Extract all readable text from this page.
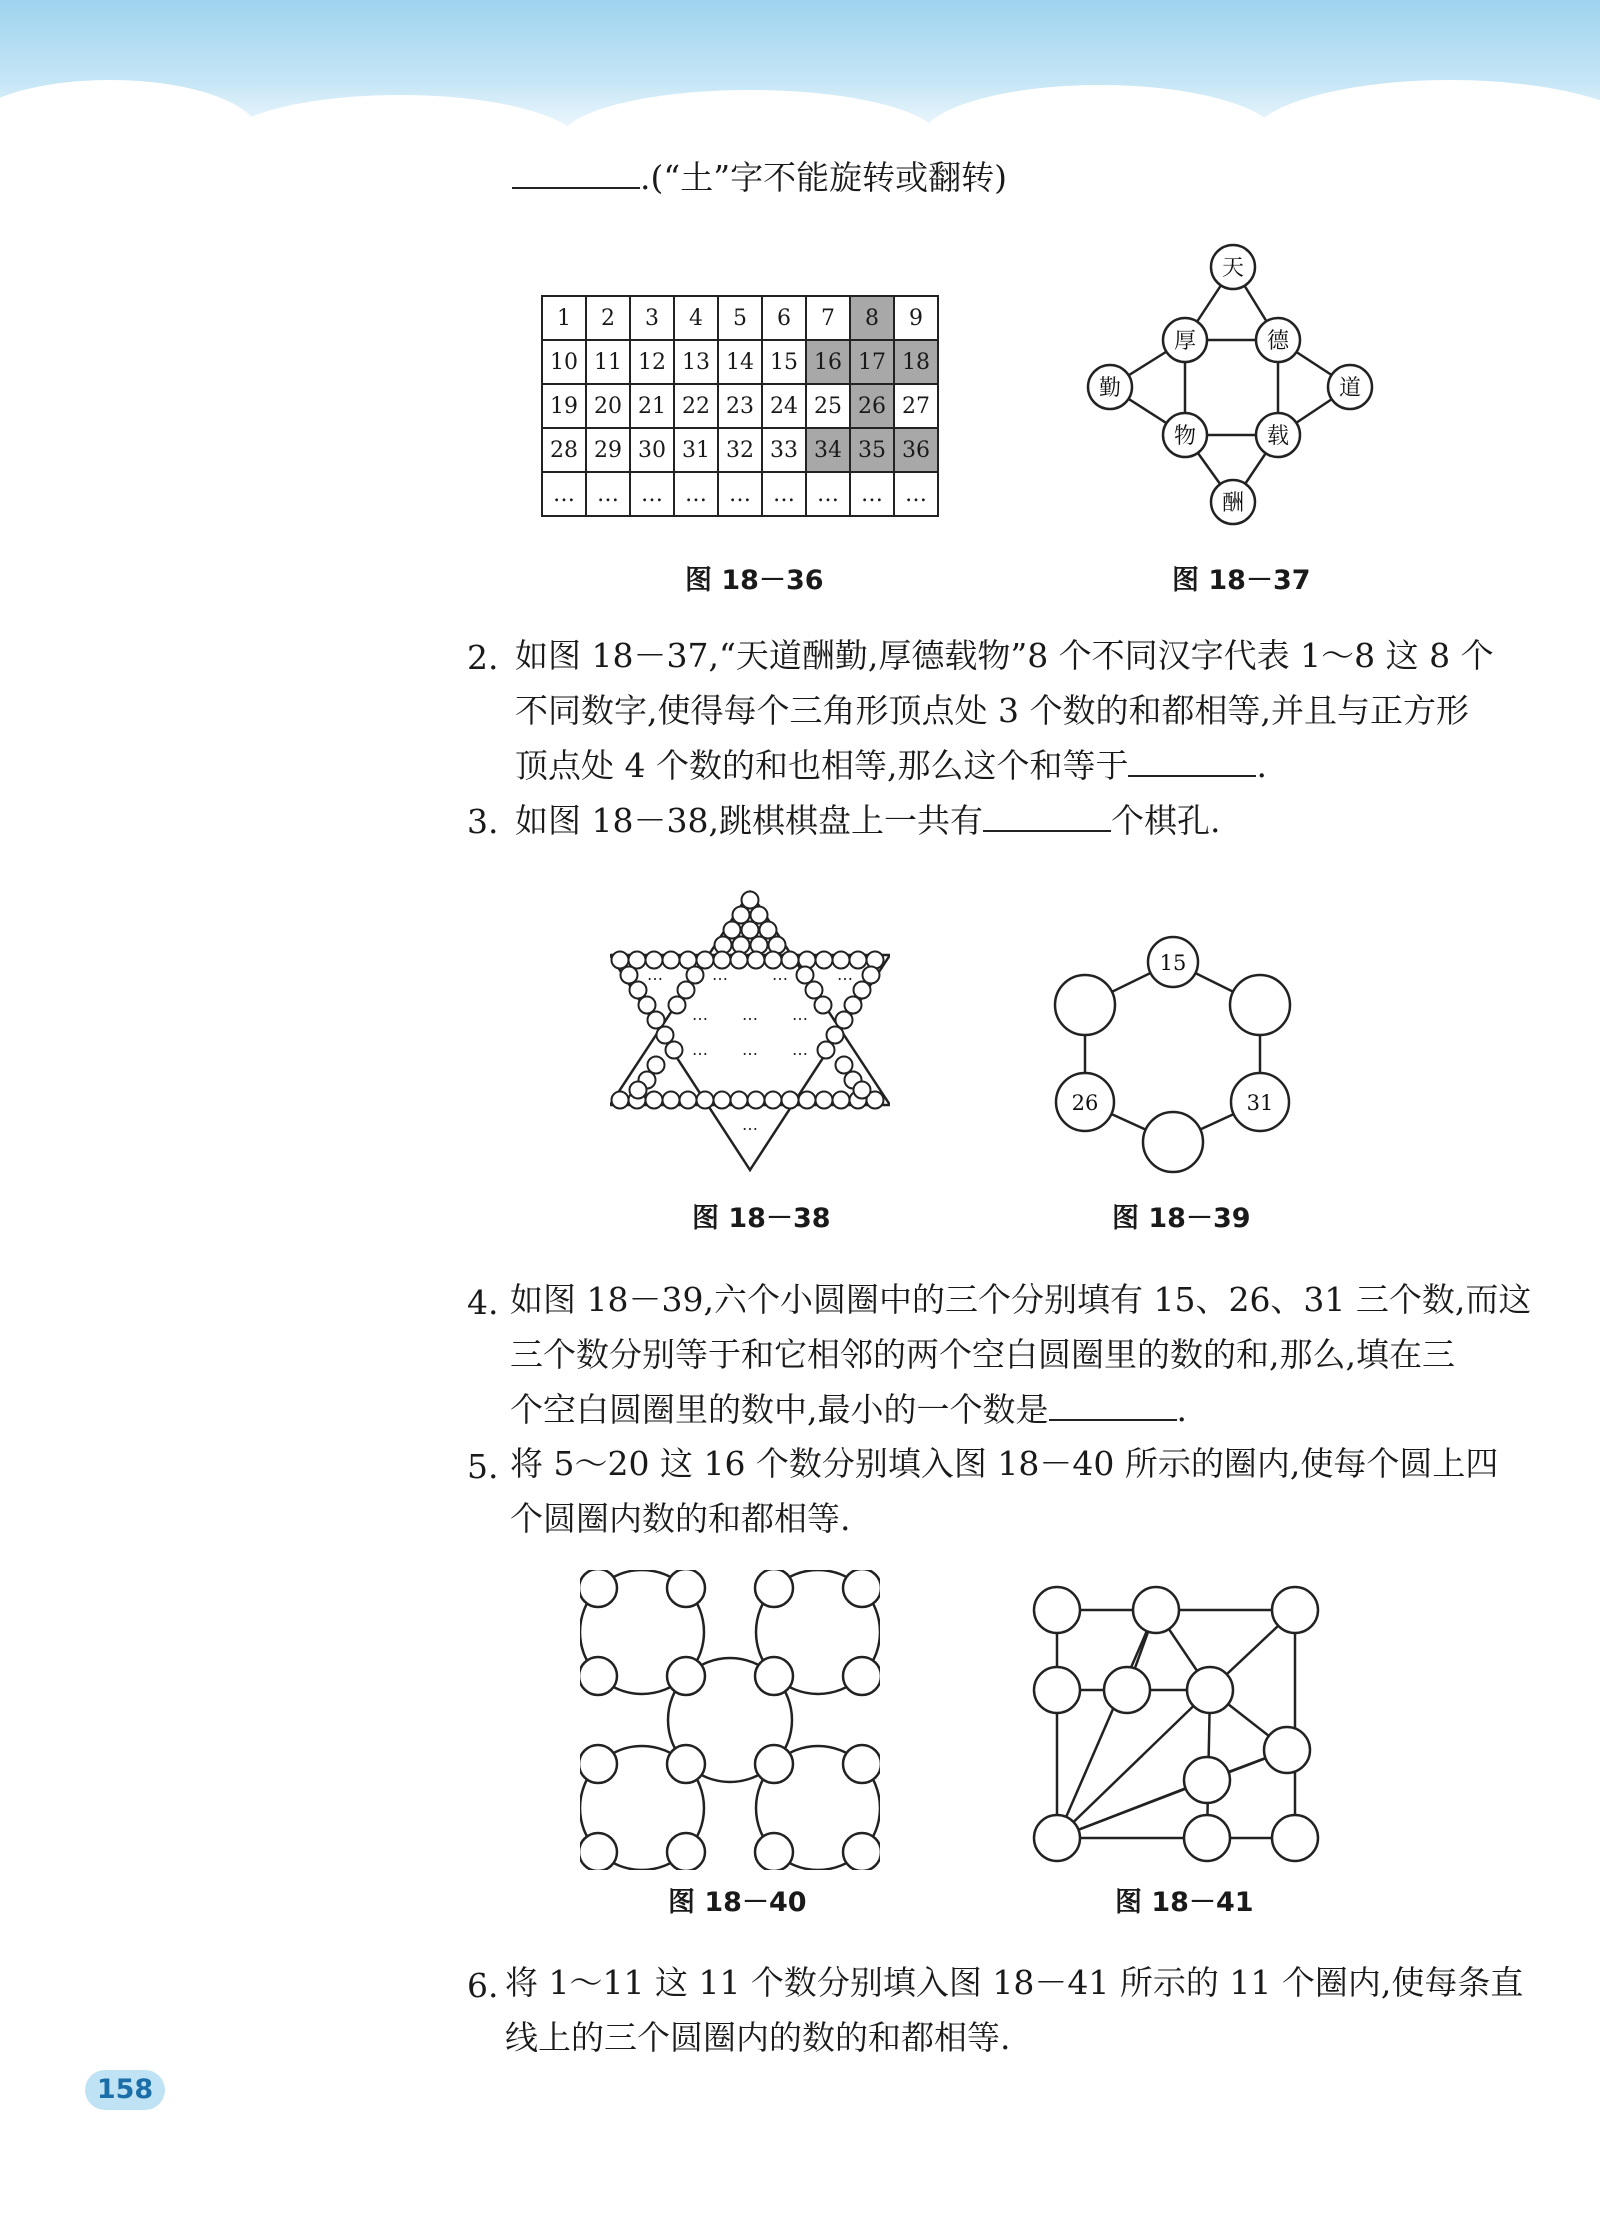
.(“土”字不能旋转或翻转)
1	2	3	4	5	6	7	8	9
10	11	12	13	14	15	16	17	18
19	20	21	22	23	24	25	26	27
28	29	30	31	32	33	34	35	36
…	…	…	…	…	…	…	…	…
图 18－36
天
厚	德
勤	道
物	载
酬
图 18－37
2. 如图 18－37,“天道酬勤,厚德载物”8 个不同汉字代表 1～8 这 8 个
不同数字,使得每个三角形顶点处 3 个数的和都相等,并且与正方形
顶点处 4 个数的和也相等,那么这个和等于	.
3. 如图 18－38,跳棋棋盘上一共有	个棋孔.
…	…	…	…
… … …
… … …
…
图 18－38
15
31
26
图 18－39
4. 如图 18－39,六个小圆圈中的三个分别填有 15、26、31 三个数,而这
三个数分别等于和它相邻的两个空白圆圈里的数的和,那么,填在三
个空白圆圈里的数中,最小的一个数是	.
5. 将 5～20 这 16 个数分别填入图 18－40 所示的圈内,使每个圆上四
个圆圈内数的和都相等.
图 18－40	图 18－41
6. 将 1～11 这 11 个数分别填入图 18－41 所示的 11 个圈内,使每条直
线上的三个圆圈内的数的和都相等.
158
